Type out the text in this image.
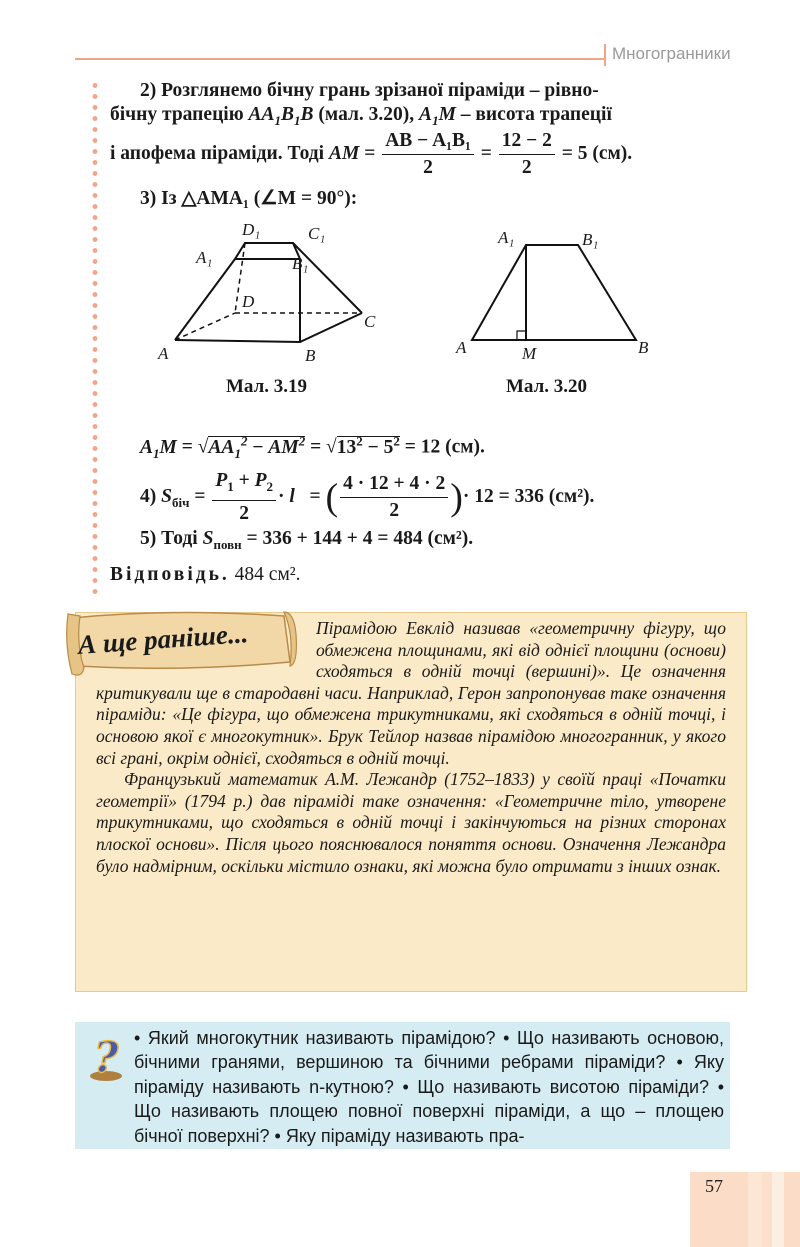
Многогранники
2) Розглянемо бічну грань зрізаної піраміди – рівно-
бічну трапецію $AA_1B_1B$ (мал. 3.20), $A_1M$ – висота трапеції
і апофема піраміди. Тодi AM = $\frac{\text{AB − A₁B₁}}{2} = \frac{12 - 2}{2} = 5$ (см).
3) Із △AMA₁ (∠M = 90°):
D₁	C₁
A₁	B₁
D
C
A	B
Мал. 3.19
A₁	B₁
A	M	B
Мал. 3.20
$A_1M = √AA_1^2 - AM^2 = √13^2 - 5^2 = 12$ (см).
4) $S_{біч} = \frac{P_1 + P_2}{2} \cdot l$   = ( $\frac{4 \cdot 12 + 4 \cdot 2}{2}$ )· 12 = 336 (см²).
5) Тоді $S_{повн} = 336 + 144 + 4 = 484$ (см²).
Відповідь. 484 см².
А ще раніше...	Пірамідою Евклід називав «геометричну фігуру, що обмежена площинами, які від однієї площини (основи) сходяться в одній точці (вершині)». Це означення критикували ще в стародавні часи. Наприклад, Герон запропонував таке означення піраміди: «Це фігура, що обмежена трикутниками, які сходяться в одній точці, і основою якої є многокутник». Брук Тейлор назвав пірамідою многогранник, у якого всі грані, окрім однієї, сходяться в одній точці.

Французький математик А.М. Лежандр (1752–1833) у своїй праці «Початки геометрії» (1794 р.) дав піраміді таке означення: «Геометричне тіло, утворене трикутниками, що сходяться в одній точці і закінчуються на різних сторонах плоскої основи». Після цього пояснювалося поняття основи. Означення Лежандра було надмірним, оскільки містило ознаки, які можна було отримати з інших ознак.

? • Який многокутник називають пірамідою? • Що називають основою, бічними гранями, вершиною та бічними ребрами піраміди? • Яку піраміду називають n-кутною? • Що називають висотою піраміди? • Що називають площею повної поверхні піраміди, а що – площею бічної поверхні? • Яку піраміду називають пра-
57
